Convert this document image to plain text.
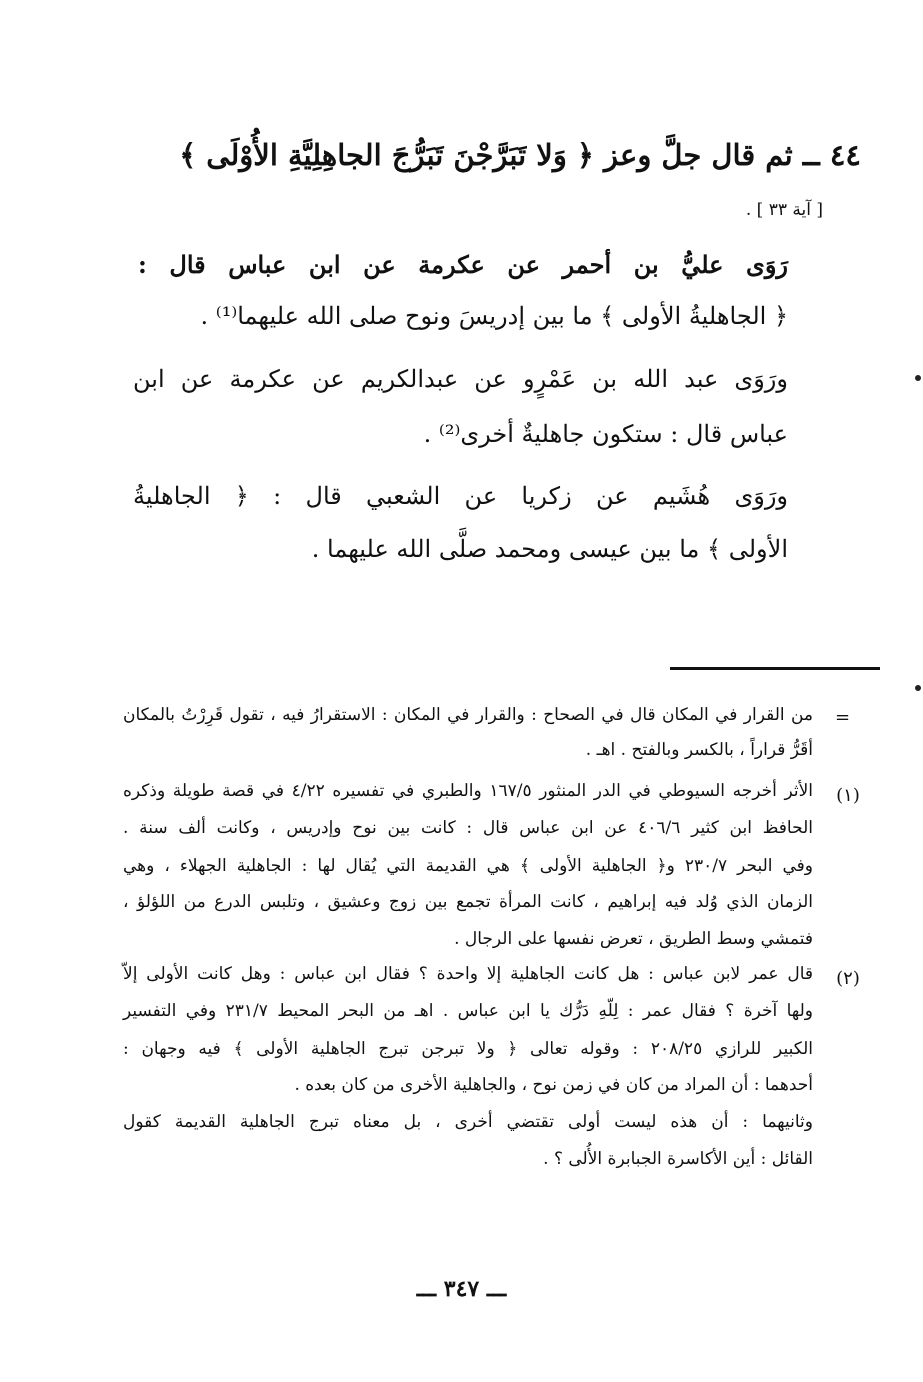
٤٤ ــ ثم قال جلَّ وعز ﴿ وَلا تَبَرَّجْنَ تَبَرُّجَ الجاهِلِيَّةِ الأُوْلَى ﴾
[ آية ٣٣ ] .
رَوَى عليُّ بن أحمر عن عكرمة عن ابن عباس قال :
﴿ الجاهليةُ الأولى ﴾ ما بين إدريسَ ونوح صلى الله عليهما⁽¹⁾ .
ورَوَى عبد الله بن عَمْرٍو عن عبدالكريم عن عكرمة عن ابن
عباس قال : ستكون جاهليةٌ أخرى⁽²⁾ .
ورَوَى هُشَيم عن زكريا عن الشعبي قال : ﴿ الجاهليةُ
الأولى ﴾ ما بين عيسى ومحمد صلَّى الله عليهما .
=
من القرار في المكان قال في الصحاح : والقرار في المكان : الاستقرارُ فيه ، تقول قَرِرْتُ بالمكان
أقَرُّ قراراً ، بالكسر وبالفتح . اهـ .
(١)
الأثر أخرجه السيوطي في الدر المنثور ١٦٧/٥ والطبري في تفسيره ٤/٢٢ في قصة طويلة وذكره
الحافظ ابن كثير ٤٠٦/٦ عن ابن عباس قال : كانت بين نوح وإدريس ، وكانت ألف سنة .
وفي البحر ٢٣٠/٧ و﴿ الجاهلية الأولى ﴾ هي القديمة التي يُقال لها : الجاهلية الجهلاء ، وهي
الزمان الذي وُلد فيه إبراهيم ، كانت المرأة تجمع بين زوج وعشيق ، وتلبس الدرع من اللؤلؤ ،
فتمشي وسط الطريق ، تعرض نفسها على الرجال .
(٢)
قال عمر لابن عباس : هل كانت الجاهلية إلا واحدة ؟ فقال ابن عباس : وهل كانت الأولى إلاّ
ولها آخرة ؟ فقال عمر : لِلّهِ دَرُّك يا ابن عباس . اهـ من البحر المحيط ٢٣١/٧ وفي التفسير
الكبير للرازي ٢٠٨/٢٥ : وقوله تعالى ﴿ ولا تبرجن تبرج الجاهلية الأولى ﴾ فيه وجهان :
أحدهما : أن المراد من كان في زمن نوح ، والجاهلية الأخرى من كان بعده .
وثانيهما : أن هذه ليست أولى تقتضي أخرى ، بل معناه تبرج الجاهلية القديمة كقول
القائل : أين الأكاسرة الجبابرة الأُلى ؟ .
ـــ ٣٤٧ ـــ
